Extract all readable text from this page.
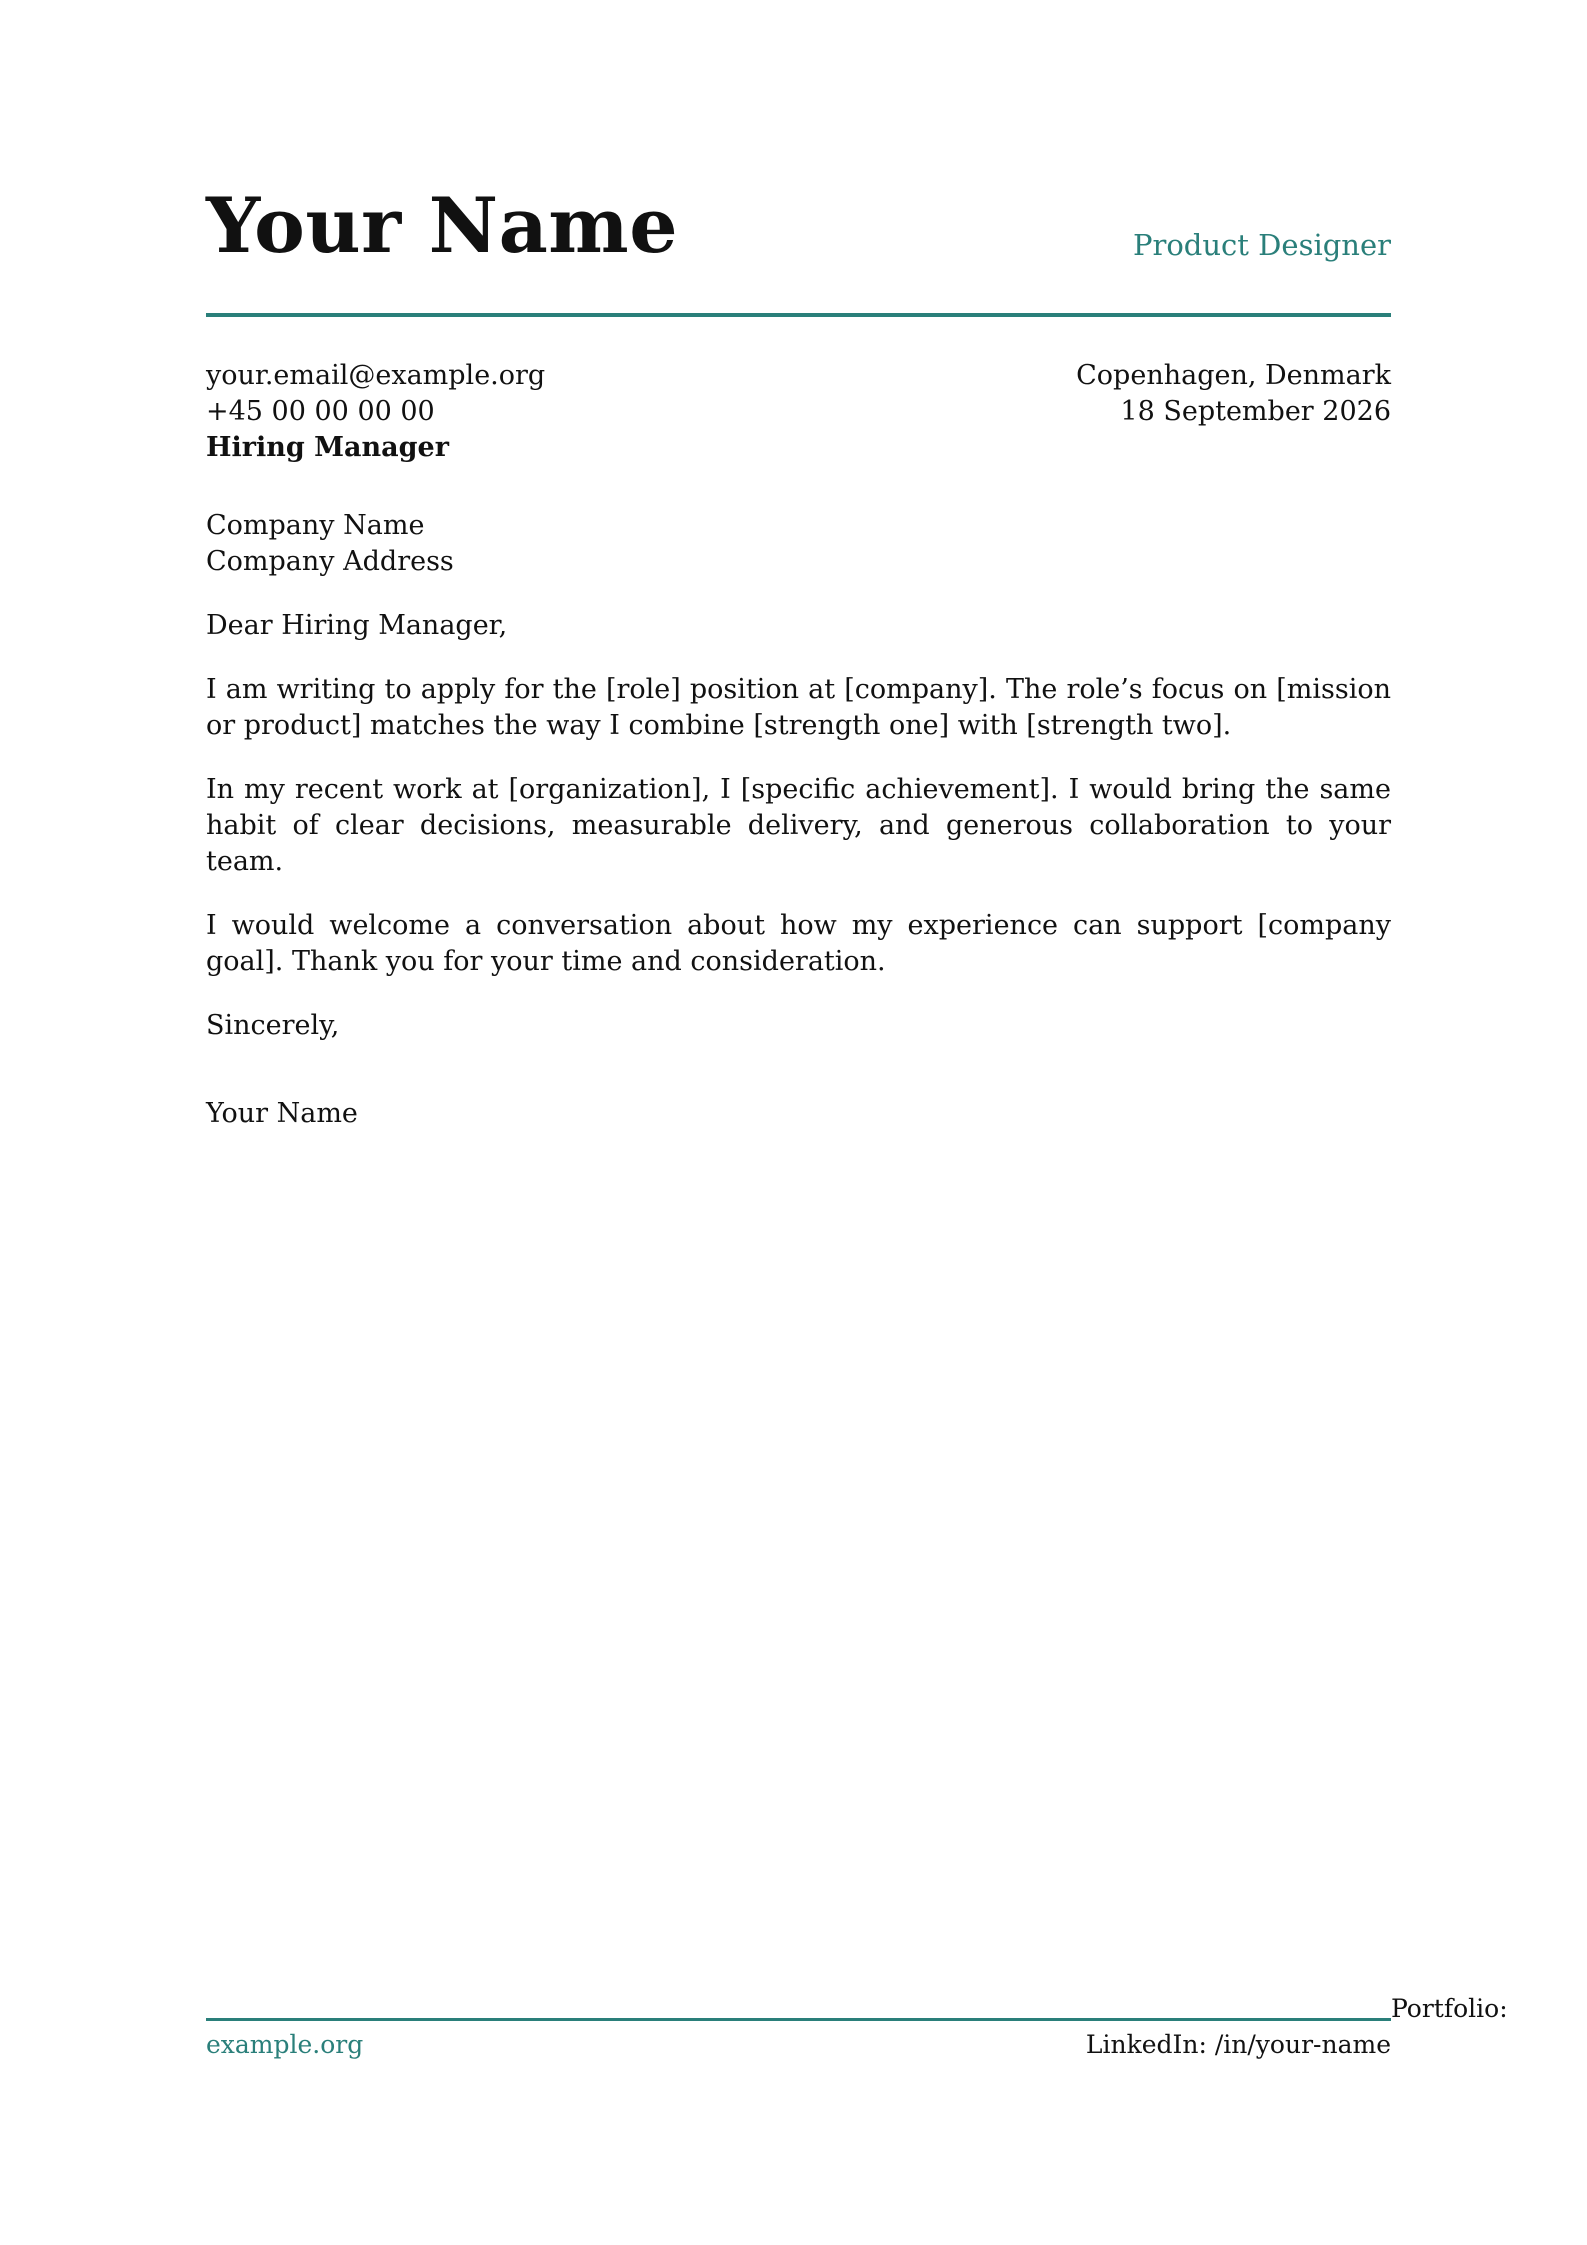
Your Name	Product Designer
your.email@example.org
+45 00 00 00 00
Hiring Manager
Copenhagen, Denmark
18 September 2026
Company Name
Company Address
Dear Hiring Manager,

I am writing to apply for the [role] position at [company]. The role’s focus on [mission or product] matches the way I combine [strength one] with [strength two].

In my recent work at [organization], I [specific achievement]. I would bring the same habit of clear decisions, measurable delivery, and generous collaboration to your team.

I would welcome a conversation about how my experience can support [company goal]. Thank you for your time and consideration.

Sincerely,
Your Name
Portfolio:
example.org	LinkedIn: /in/your-name
